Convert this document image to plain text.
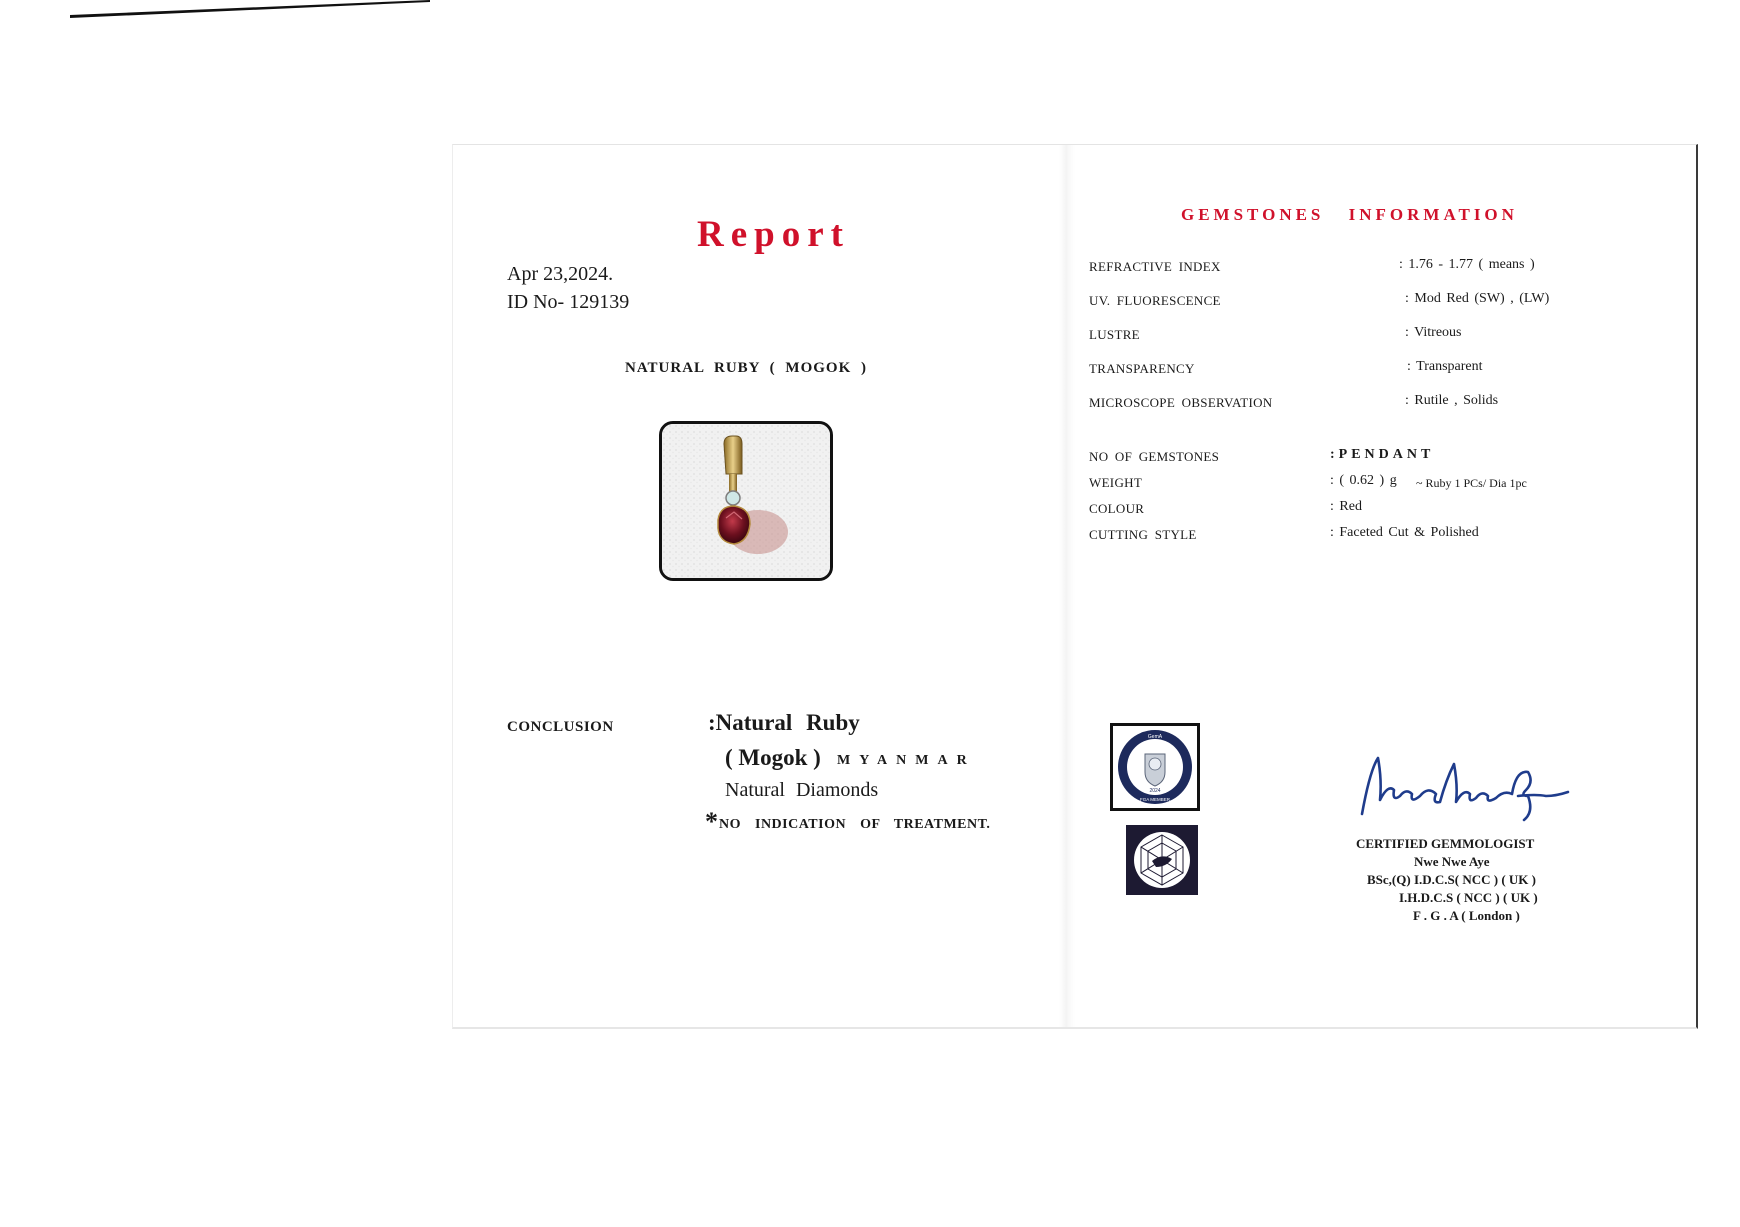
Report
Apr 23,2024.
ID No- 129139
NATURAL RUBY ( MOGOK )
CONCLUSION	:Natural Ruby
( Mogok ) MYANMAR
Natural Diamonds
* NO INDICATION OF TREATMENT.
GEMSTONES INFORMATION
REFRACTIVE INDEX	: 1.76 - 1.77 ( means )
UV. FLUORESCENCE	: Mod Red (SW) , (LW)
LUSTRE	: Vitreous
TRANSPARENCY	: Transparent
MICROSCOPE OBSERVATION	: Rutile , Solids
NO OF GEMSTONES	:PENDANT
WEIGHT	: ( 0.62 ) g ~ Ruby 1 PCs/ Dia 1pc
COLOUR	: Red
CUTTING STYLE	: Faceted Cut & Polished
GemA
2024
FGA MEMBER
CERTIFIED GEMMOLOGIST
Nwe Nwe Aye
BSc,(Q) I.D.C.S( NCC ) ( UK )
I.H.D.C.S ( NCC ) ( UK )
F . G . A ( London )
